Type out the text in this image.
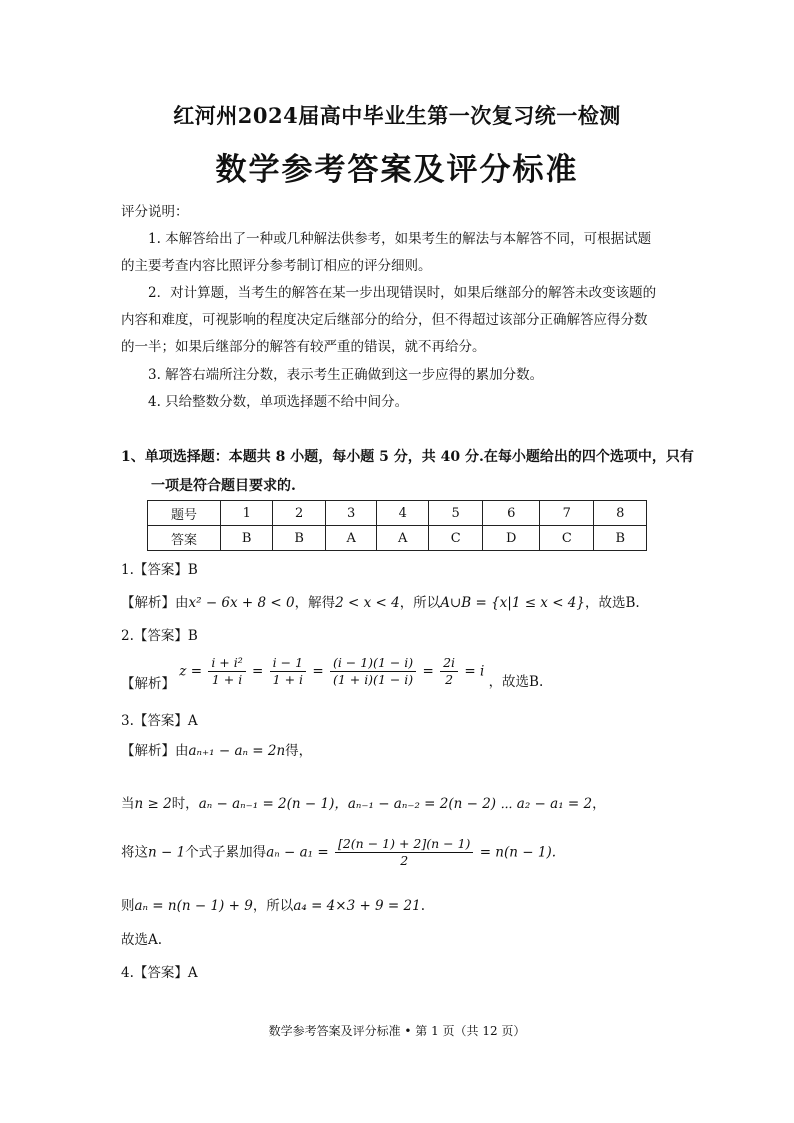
红河州2024届高中毕业生第一次复习统一检测
数学参考答案及评分标准
评分说明：
1. 本解答给出了一种或几种解法供参考，如果考生的解法与本解答不同，可根据试题
的主要考查内容比照评分参考制订相应的评分细则。
2．对计算题，当考生的解答在某一步出现错误时，如果后继部分的解答未改变该题的
内容和难度，可视影响的程度决定后继部分的给分，但不得超过该部分正确解答应得分数
的一半；如果后继部分的解答有较严重的错误，就不再给分。
3. 解答右端所注分数，表示考生正确做到这一步应得的累加分数。
4. 只给整数分数，单项选择题不给中间分。
1、单项选择题：本题共 8 小题，每小题 5 分，共 40 分.在每小题给出的四个选项中，只有
一项是符合题目要求的.
题号	1	2	3	4	5	6	7	8
答案	B	B	A	A	C	D	C	B
1.【答案】B
【解析】由x² − 6x + 8 < 0，解得2 < x < 4，所以A∪B = {x|1 ≤ x < 4}，故选B.
2.【答案】B
【解析】 $z = \frac{\text{i + i²}}{1 + i} = \frac{i - 1}{1 + i} = \frac{(i - 1)(1 - i)}{(1 + i)(1 - i)} = \frac{2i}{2} = i$ ，故选B.
3.【答案】A
【解析】由aₙ₊₁ − aₙ = 2n得，
当n ≥ 2时，aₙ − aₙ₋₁ = 2(n − 1)，aₙ₋₁ − aₙ₋₂ = 2(n − 2) ⋯ a₂ − a₁ = 2，
将这n − 1个式子累加得$a_n - a_1 = \frac{[2(n - 1) + 2](n - 1)}{2} = n(n - 1)$.
则aₙ = n(n − 1) + 9，所以a₄ = 4×3 + 9 = 21.
故选A.
4.【答案】A
数学参考答案及评分标准 • 第 1 页（共 12 页）
